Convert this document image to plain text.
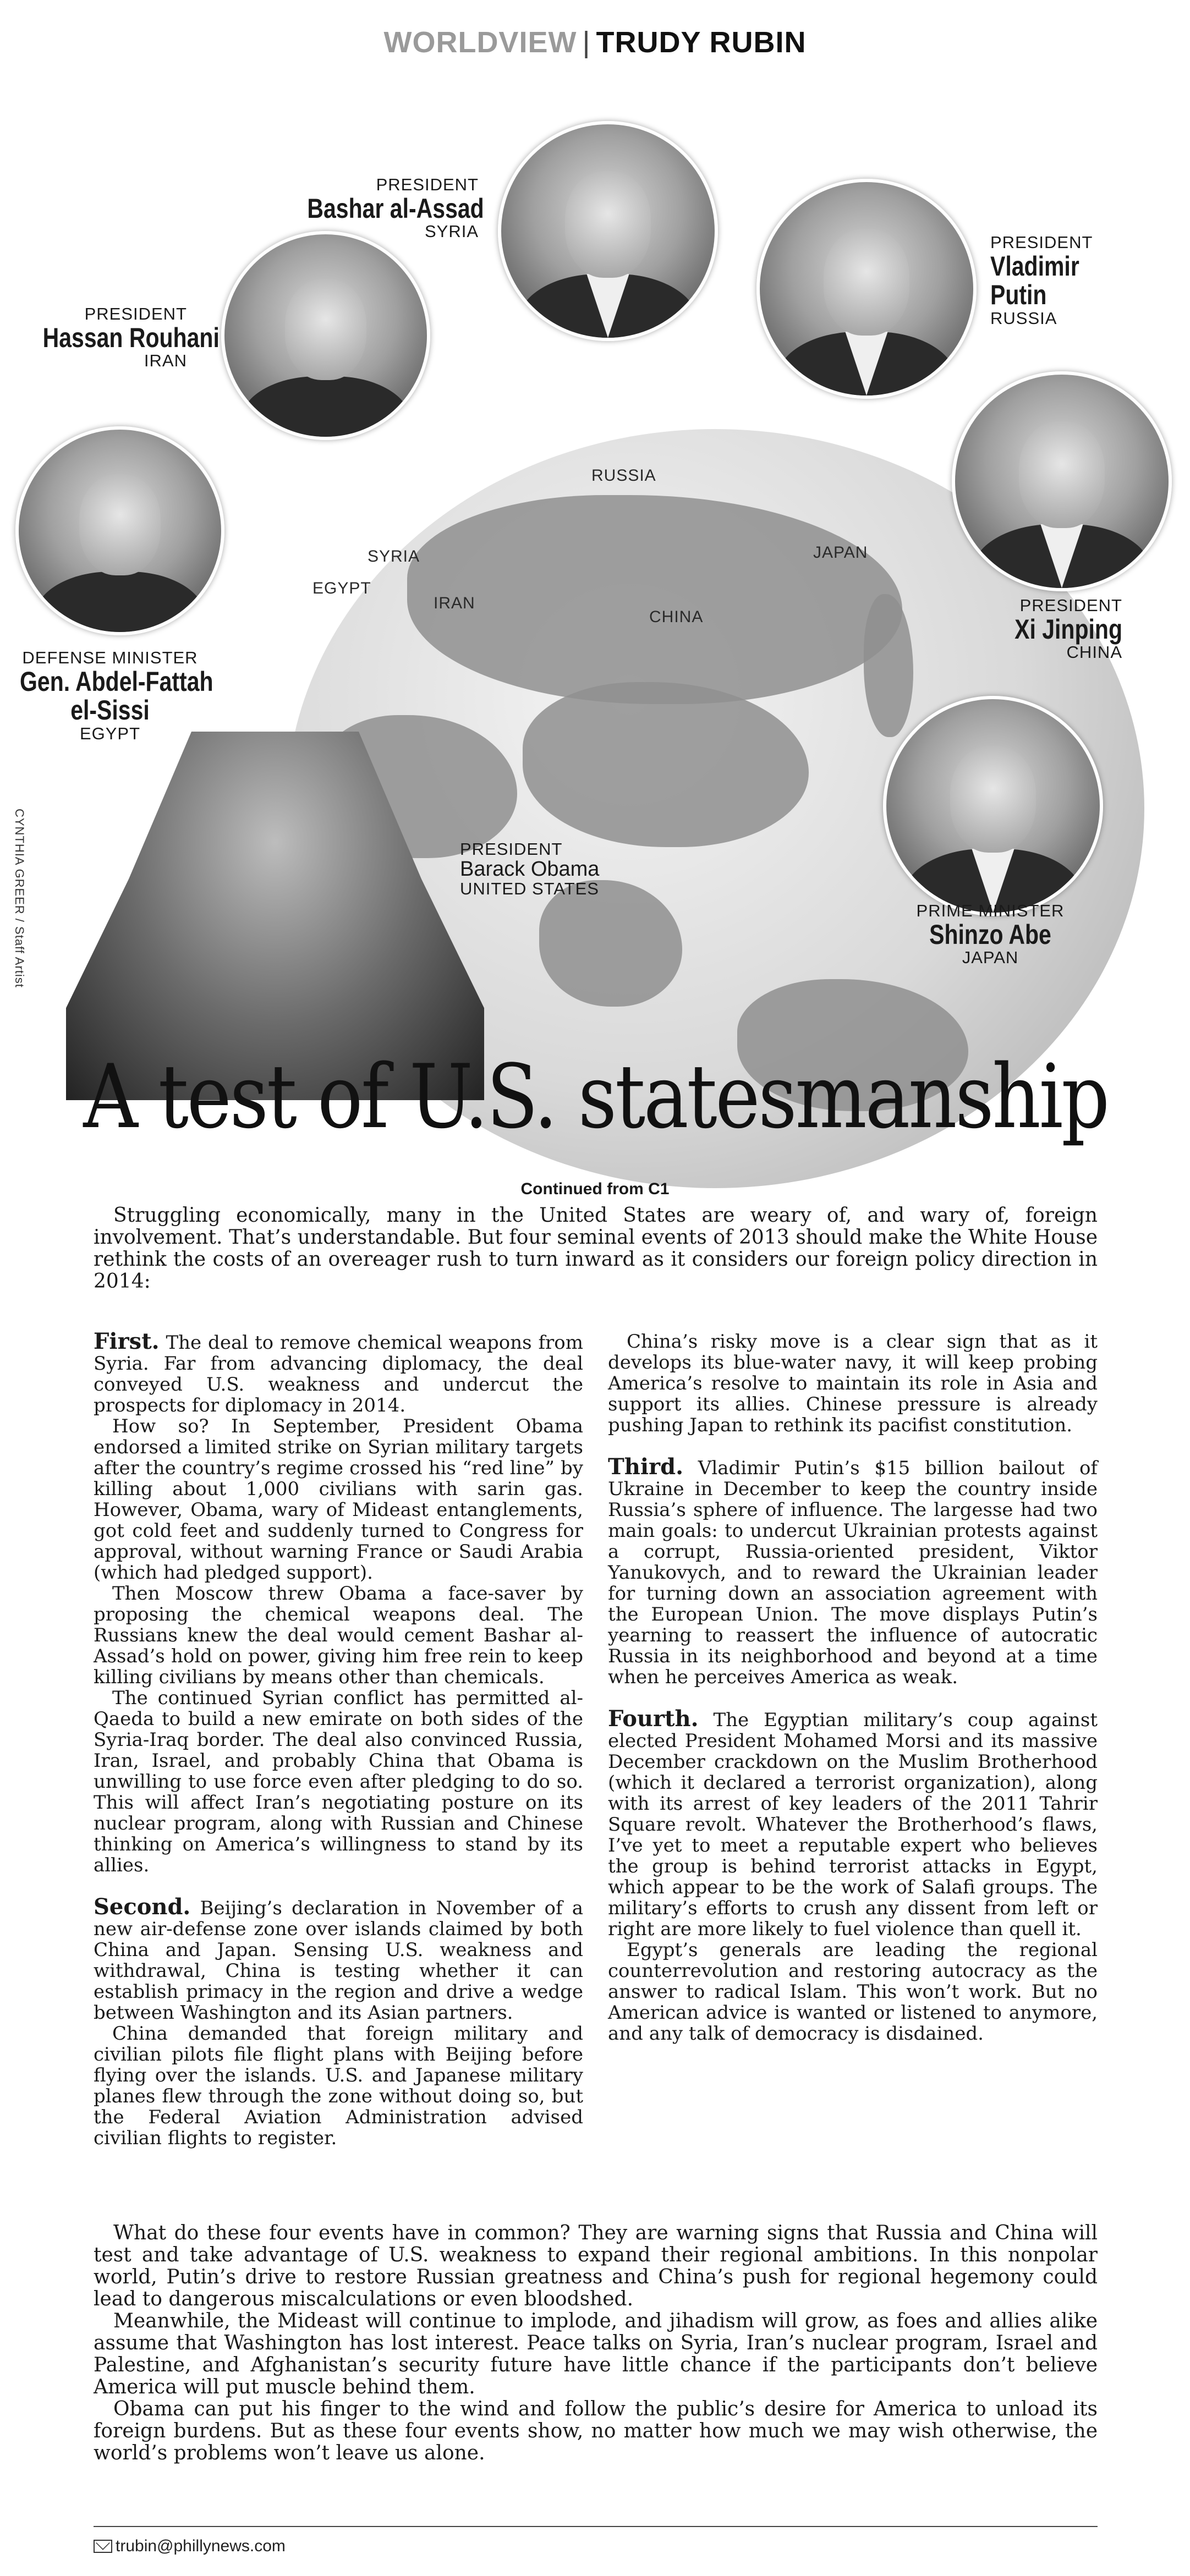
WORLDVIEW | TRUDY RUBIN
RUSSIA
SYRIA
EGYPT
IRAN
CHINA
JAPAN
PRESIDENT
Bashar al-Assad
SYRIA
PRESIDENT
Hassan Rouhani
IRAN
PRESIDENT
Vladimir
Putin
RUSSIA
DEFENSE MINISTER
Gen. Abdel-Fattah
el-Sissi
EGYPT
PRESIDENT
Xi Jinping
CHINA
PRESIDENT
Barack Obama
UNITED STATES
PRIME MINISTER
Shinzo Abe
JAPAN
CYNTHIA GREER / Staff Artist
A test of U.S. statesmanship
Continued from C1

Struggling economically, many in the United States are weary of, and wary of, foreign involvement. That’s understandable. But four seminal events of 2013 should make the White House rethink the costs of an overeager rush to turn inward as it considers our foreign policy direction in 2014:

First. The deal to remove chemical weapons from Syria. Far from advancing diplomacy, the deal conveyed U.S. weakness and undercut the prospects for diplomacy in 2014.

How so? In September, President Obama endorsed a limited strike on Syrian military targets after the country’s regime crossed his “red line” by killing about 1,000 civilians with sarin gas. However, Obama, wary of Mideast entanglements, got cold feet and suddenly turned to Congress for approval, without warning France or Saudi Arabia (which had pledged support).

Then Moscow threw Obama a face-saver by proposing the chemical weapons deal. The Russians knew the deal would cement Bashar al-Assad’s hold on power, giving him free rein to keep killing civilians by means other than chemicals.

The continued Syrian conflict has permitted al-Qaeda to build a new emirate on both sides of the Syria-Iraq border. The deal also convinced Russia, Iran, Israel, and probably China that Obama is unwilling to use force even after pledging to do so. This will affect Iran’s negotiating posture on its nuclear program, along with Russian and Chinese thinking on America’s willingness to stand by its allies.

Second. Beijing’s declaration in November of a new air-defense zone over islands claimed by both China and Japan. Sensing U.S. weakness and withdrawal, China is testing whether it can establish primacy in the region and drive a wedge between Washington and its Asian partners.

China demanded that foreign military and civilian pilots file flight plans with Beijing before flying over the islands. U.S. and Japanese military planes flew through the zone without doing so, but the Federal Aviation Administration advised civilian flights to register.

China’s risky move is a clear sign that as it develops its blue-water navy, it will keep probing America’s resolve to maintain its role in Asia and support its allies. Chinese pressure is already pushing Japan to rethink its pacifist constitution.

Third. Vladimir Putin’s $15 billion bailout of Ukraine in December to keep the country inside Russia’s sphere of influence. The largesse had two main goals: to undercut Ukrainian protests against a corrupt, Russia-oriented president, Viktor Yanukovych, and to reward the Ukrainian leader for turning down an association agreement with the European Union. The move displays Putin’s yearning to reassert the influence of autocratic Russia in its neighborhood and beyond at a time when he perceives America as weak.

Fourth. The Egyptian military’s coup against elected President Mohamed Morsi and its massive December crackdown on the Muslim Brotherhood (which it declared a terrorist organization), along with its arrest of key leaders of the 2011 Tahrir Square revolt. Whatever the Brotherhood’s flaws, I’ve yet to meet a reputable expert who believes the group is behind terrorist attacks in Egypt, which appear to be the work of Salafi groups. The military’s efforts to crush any dissent from left or right are more likely to fuel violence than quell it.

Egypt’s generals are leading the regional counterrevolution and restoring autocracy as the answer to radical Islam. This won’t work. But no American advice is wanted or listened to anymore, and any talk of democracy is disdained.

What do these four events have in common? They are warning signs that Russia and China will test and take advantage of U.S. weakness to expand their regional ambitions. In this nonpolar world, Putin’s drive to restore Russian greatness and China’s push for regional hegemony could lead to dangerous miscalculations or even bloodshed.

Meanwhile, the Mideast will continue to implode, and jihadism will grow, as foes and allies alike assume that Washington has lost interest. Peace talks on Syria, Iran’s nuclear program, Israel and Palestine, and Afghanistan’s security future have little chance if the participants don’t believe America will put muscle behind them.

Obama can put his finger to the wind and follow the public’s desire for America to unload its foreign burdens. But as these four events show, no matter how much we may wish otherwise, the world’s problems won’t leave us alone.

trubin@phillynews.com
